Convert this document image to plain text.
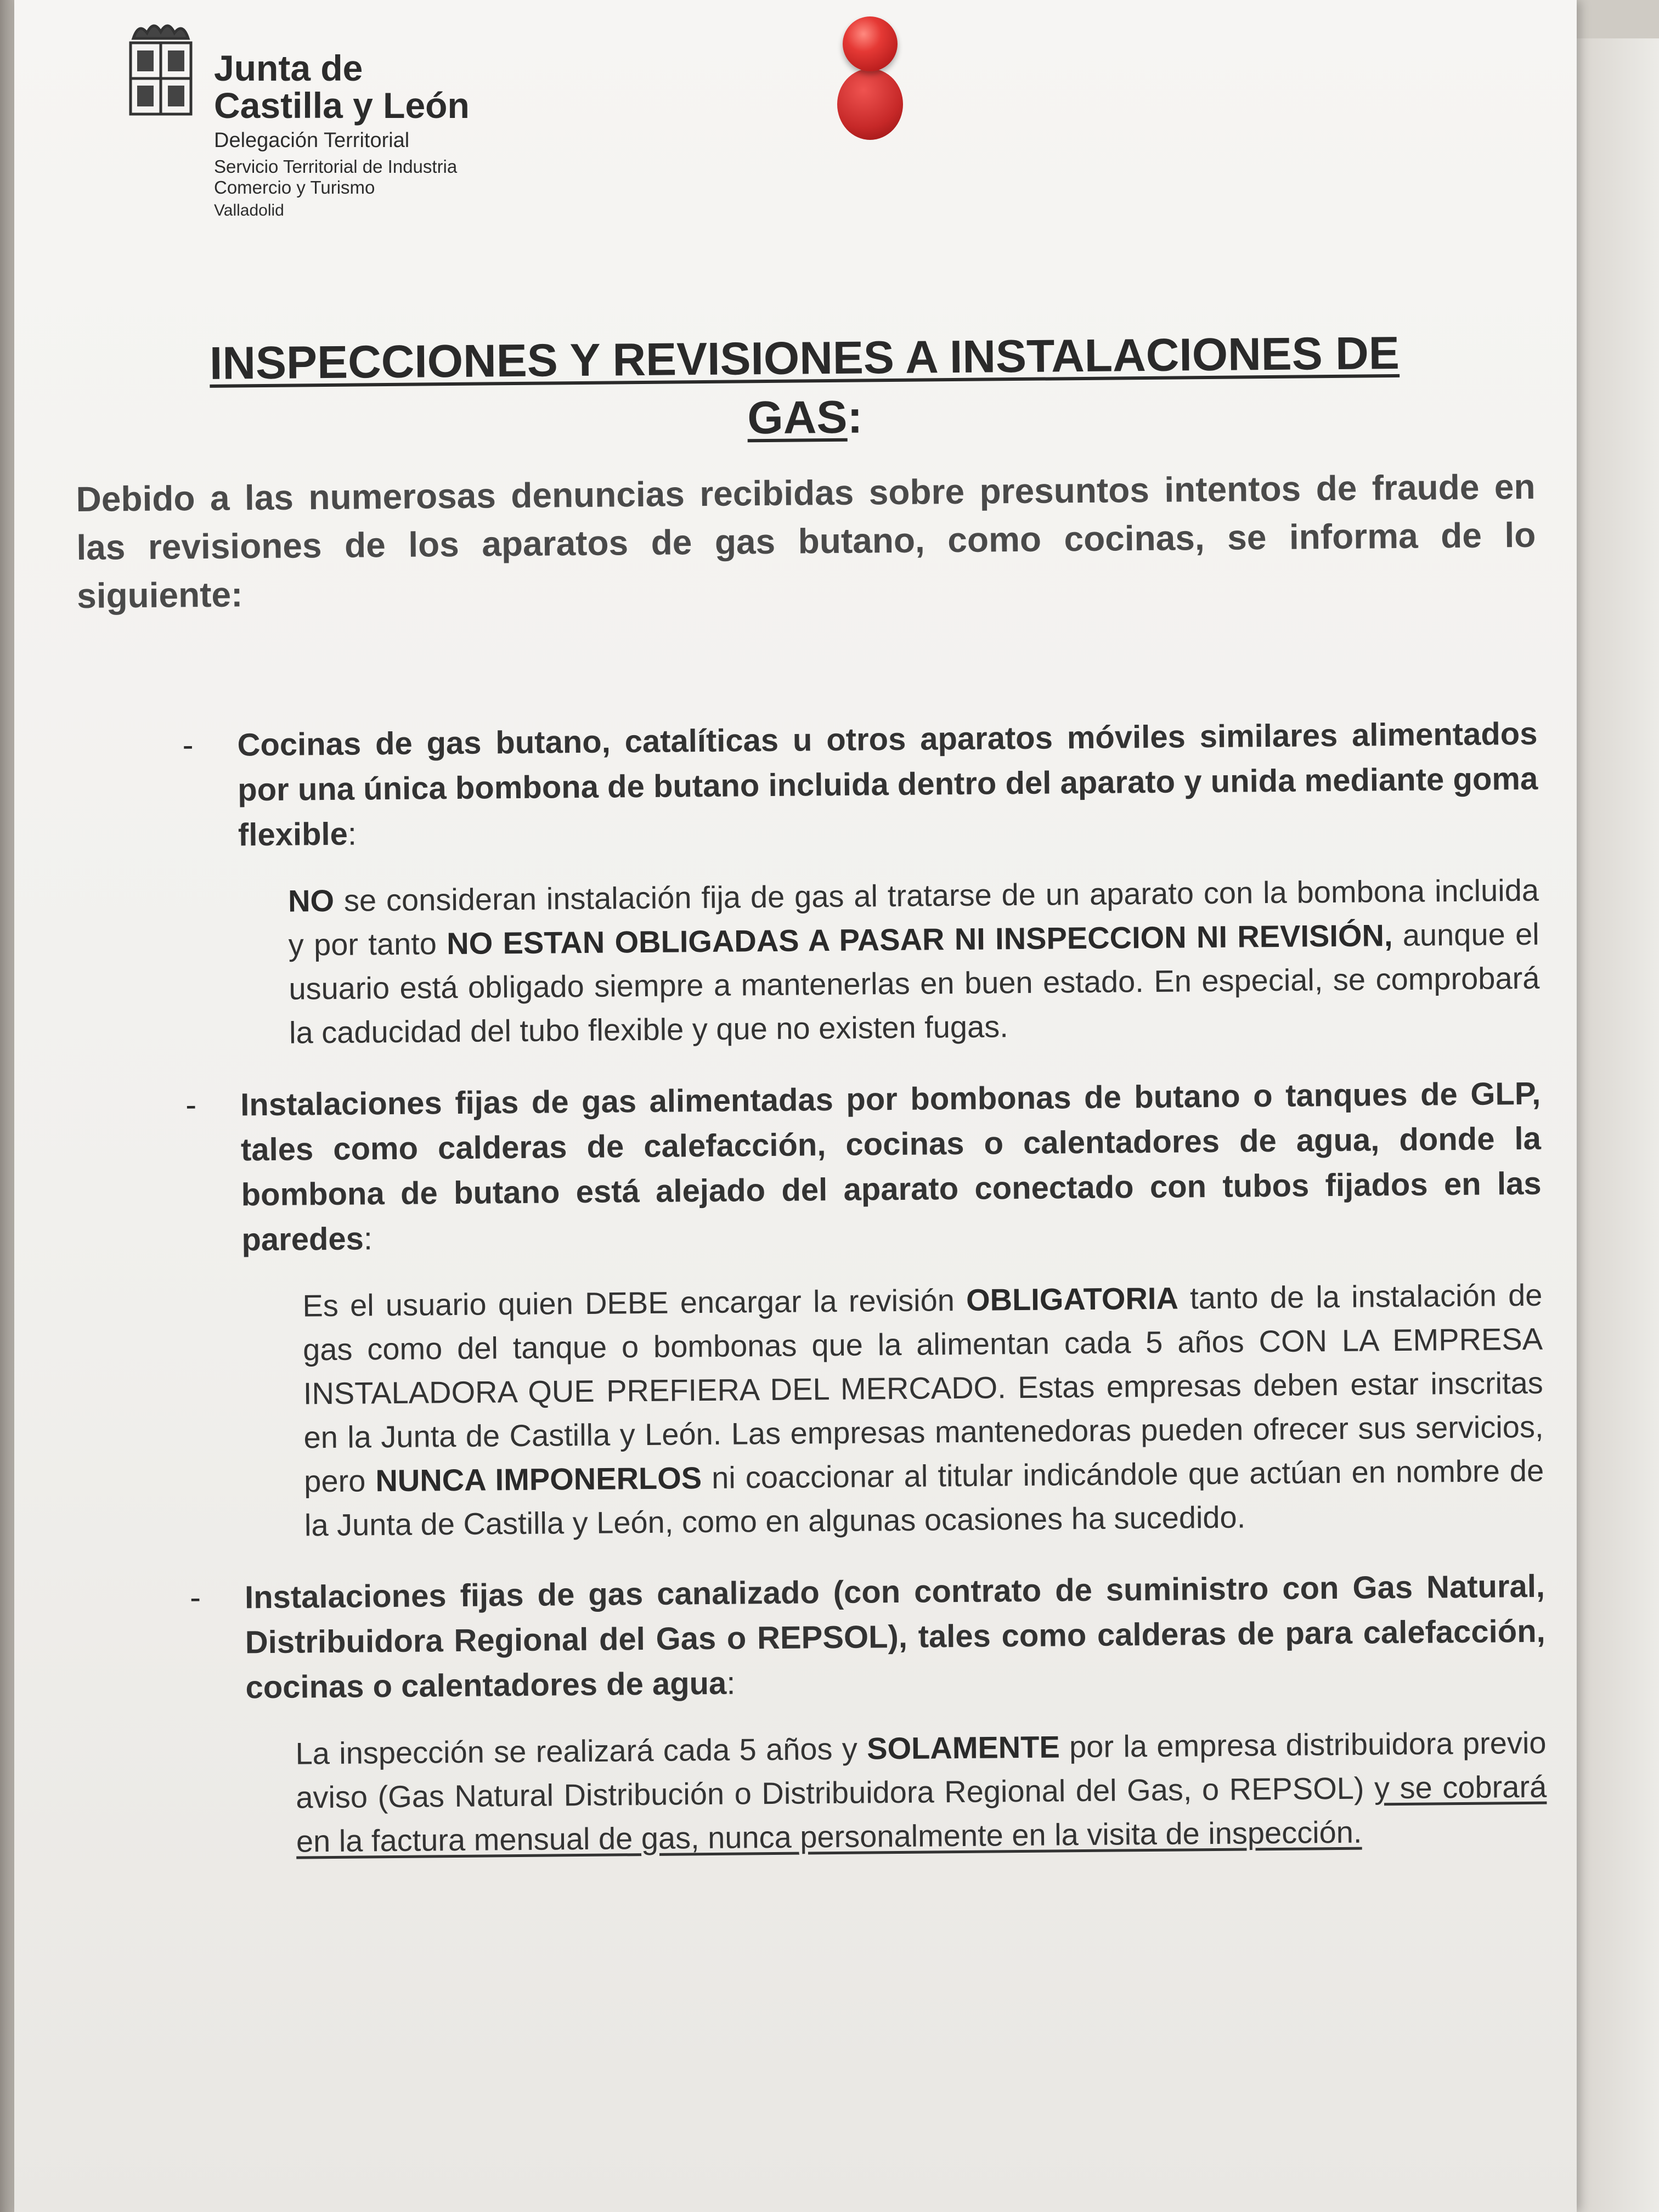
Junta de
Castilla y León
Delegación Territorial
Servicio Territorial de Industria
Comercio y Turismo
Valladolid
INSPECCIONES Y REVISIONES A INSTALACIONES DE
GAS:

Debido a las numerosas denuncias recibidas sobre presuntos intentos de fraude en las revisiones de los aparatos de gas butano, como cocinas, se informa de lo siguiente:

- Cocinas de gas butano, catalíticas u otros aparatos móviles similares alimentados por una única bombona de butano incluida dentro del aparato y unida mediante goma flexible:
NO se consideran instalación fija de gas al tratarse de un aparato con la bombona incluida y por tanto NO ESTAN OBLIGADAS A PASAR NI INSPECCION NI REVISIÓN, aunque el usuario está obligado siempre a mantenerlas en buen estado. En especial, se comprobará la caducidad del tubo flexible y que no existen fugas.
- Instalaciones fijas de gas alimentadas por bombonas de butano o tanques de GLP, tales como calderas de calefacción, cocinas o calentadores de agua, donde la bombona de butano está alejado del aparato conectado con tubos fijados en las paredes:
Es el usuario quien DEBE encargar la revisión OBLIGATORIA tanto de la instalación de gas como del tanque o bombonas que la alimentan cada 5 años CON LA EMPRESA INSTALADORA QUE PREFIERA DEL MERCADO. Estas empresas deben estar inscritas en la Junta de Castilla y León. Las empresas mantenedoras pueden ofrecer sus servicios, pero NUNCA IMPONERLOS ni coaccionar al titular indicándole que actúan en nombre de la Junta de Castilla y León, como en algunas ocasiones ha sucedido.
- Instalaciones fijas de gas canalizado (con contrato de suministro con Gas Natural, Distribuidora Regional del Gas o REPSOL), tales como calderas de para calefacción, cocinas o calentadores de agua:
La inspección se realizará cada 5 años y SOLAMENTE por la empresa distribuidora previo aviso (Gas Natural Distribución o Distribuidora Regional del Gas, o REPSOL) y se cobrará en la factura mensual de gas, nunca personalmente en la visita de inspección.
